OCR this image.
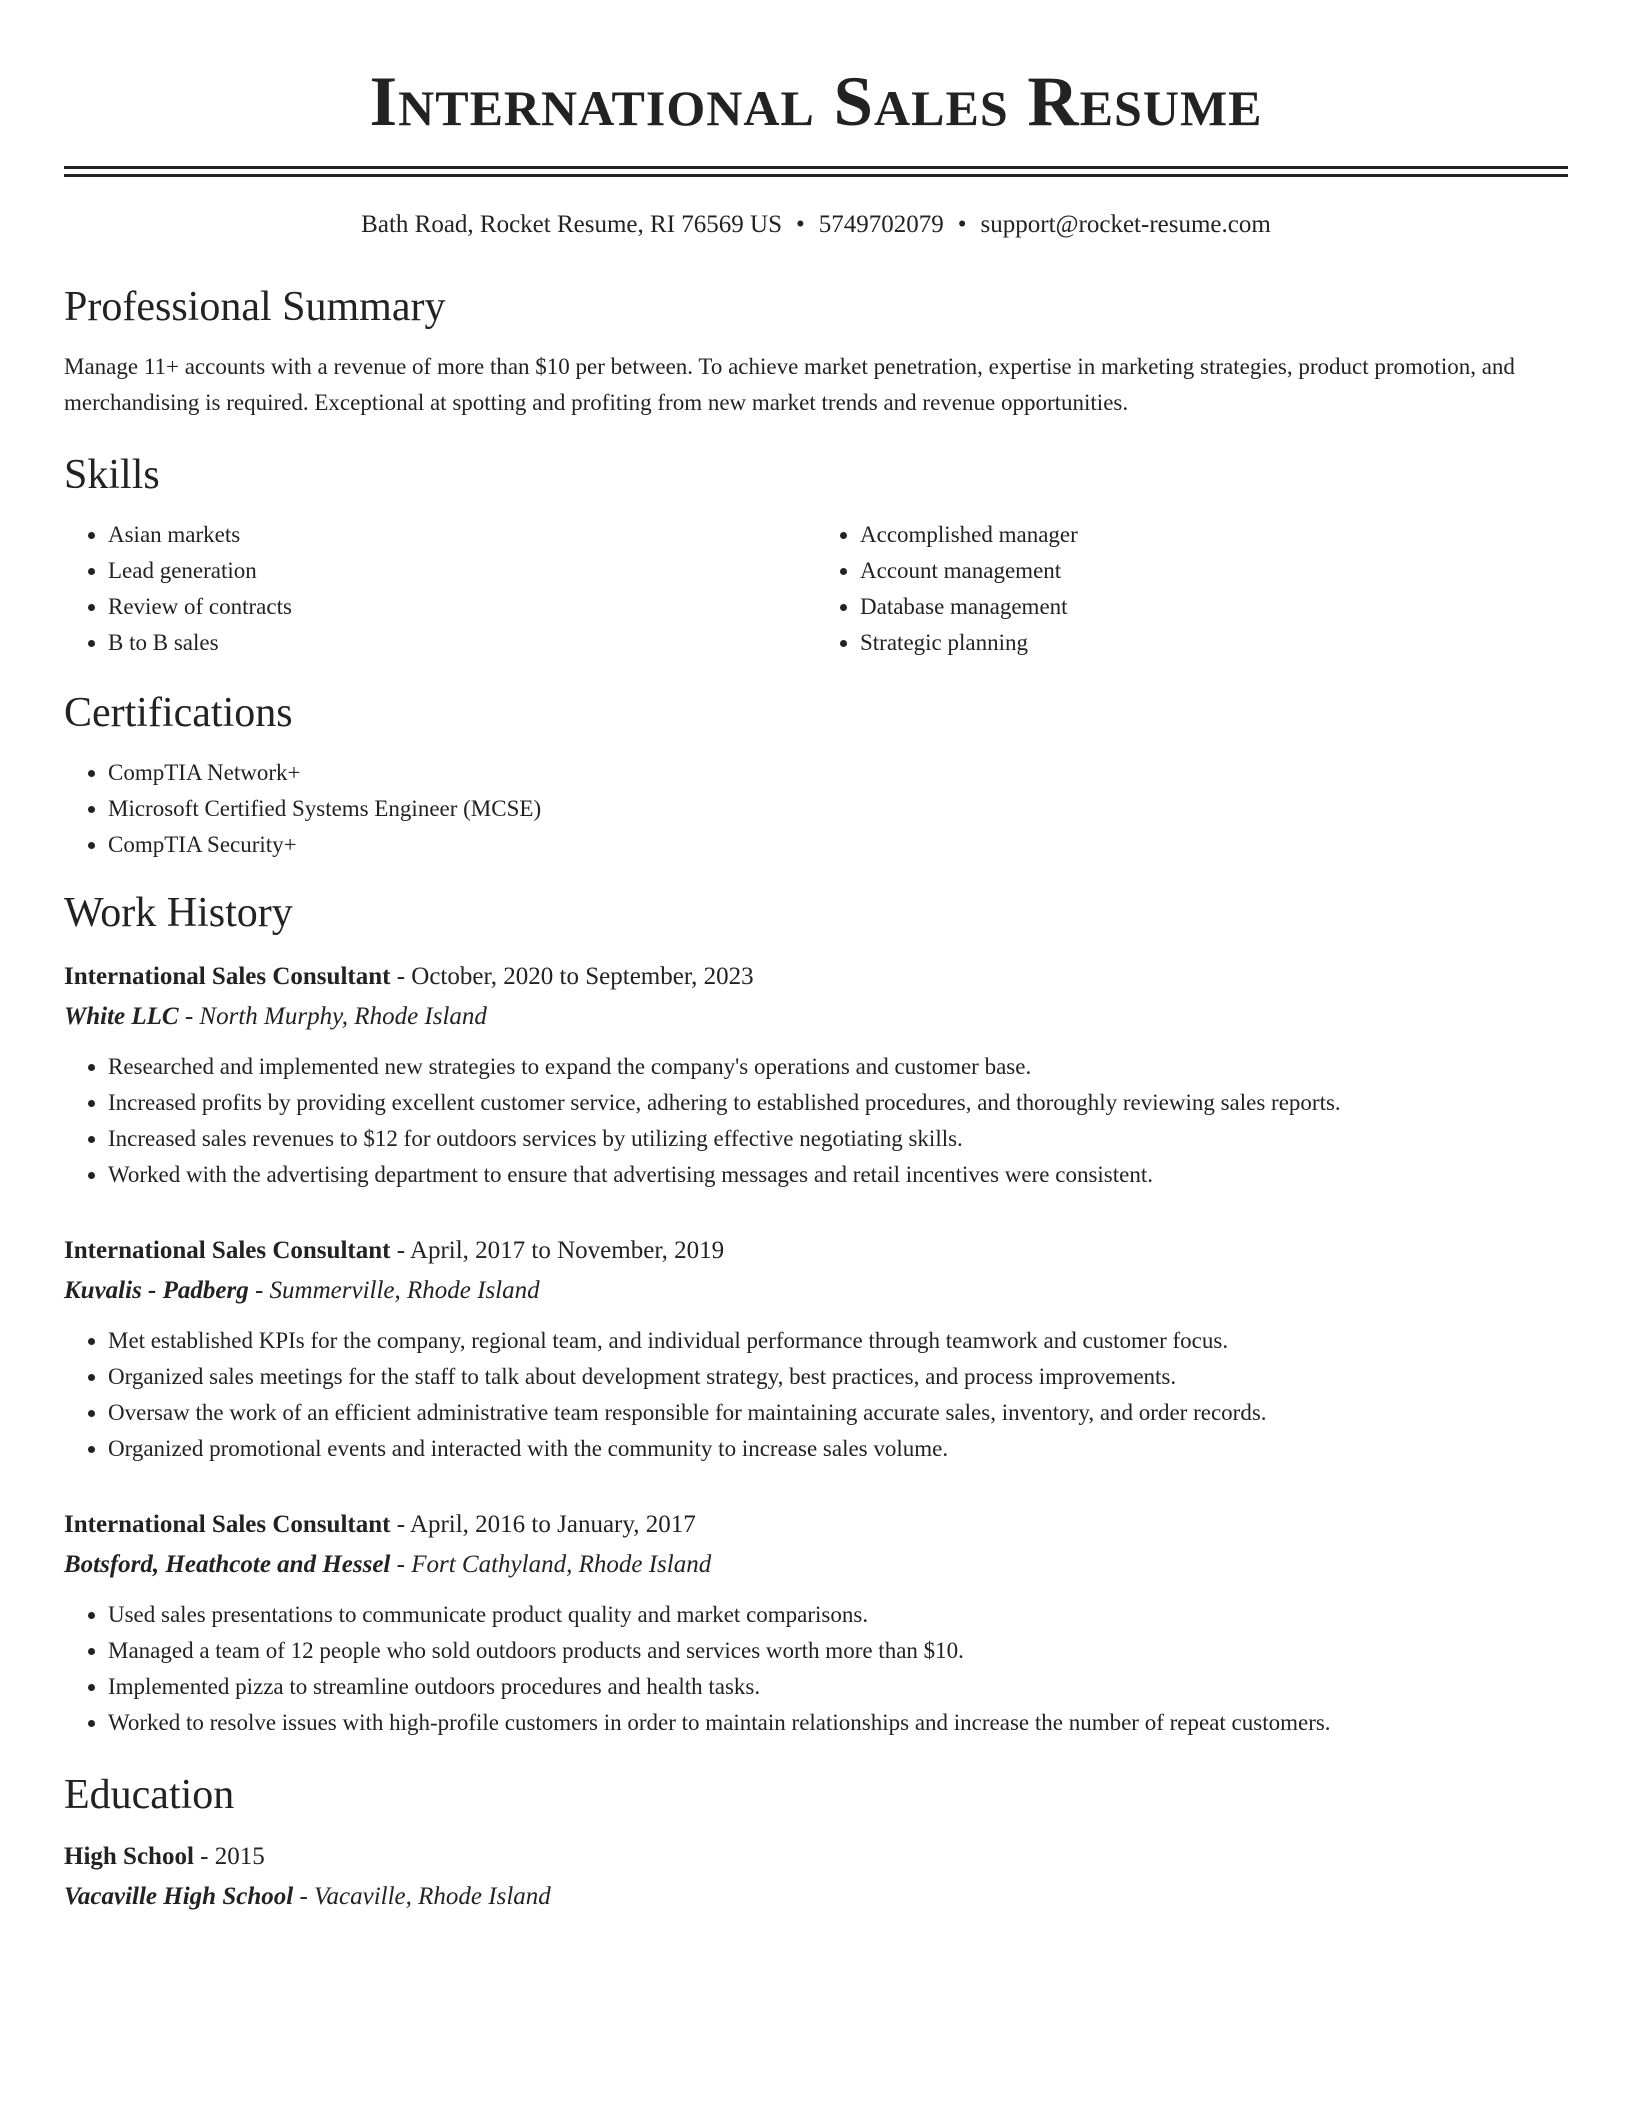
International Sales Resume
Bath Road, Rocket Resume, RI 76569 US • 5749702079 • support@rocket-resume.com
Professional Summary

Manage 11+ accounts with a revenue of more than $10 per between. To achieve market penetration, expertise in marketing strategies, product promotion, and merchandising is required. Exceptional at spotting and profiting from new market trends and revenue opportunities.

Skills
• Asian markets
• Lead generation
• Review of contracts
• B to B sales
• Accomplished manager
• Account management
• Database management
• Strategic planning
Certifications
• CompTIA Network+
• Microsoft Certified Systems Engineer (MCSE)
• CompTIA Security+
Work History
International Sales Consultant - October, 2020 to September, 2023
White LLC - North Murphy, Rhode Island
• Researched and implemented new strategies to expand the company's operations and customer base.
• Increased profits by providing excellent customer service, adhering to established procedures, and thoroughly reviewing sales reports.
• Increased sales revenues to $12 for outdoors services by utilizing effective negotiating skills.
• Worked with the advertising department to ensure that advertising messages and retail incentives were consistent.
International Sales Consultant - April, 2017 to November, 2019
Kuvalis - Padberg - Summerville, Rhode Island
• Met established KPIs for the company, regional team, and individual performance through teamwork and customer focus.
• Organized sales meetings for the staff to talk about development strategy, best practices, and process improvements.
• Oversaw the work of an efficient administrative team responsible for maintaining accurate sales, inventory, and order records.
• Organized promotional events and interacted with the community to increase sales volume.
International Sales Consultant - April, 2016 to January, 2017
Botsford, Heathcote and Hessel - Fort Cathyland, Rhode Island
• Used sales presentations to communicate product quality and market comparisons.
• Managed a team of 12 people who sold outdoors products and services worth more than $10.
• Implemented pizza to streamline outdoors procedures and health tasks.
• Worked to resolve issues with high-profile customers in order to maintain relationships and increase the number of repeat customers.
Education
High School - 2015
Vacaville High School - Vacaville, Rhode Island
